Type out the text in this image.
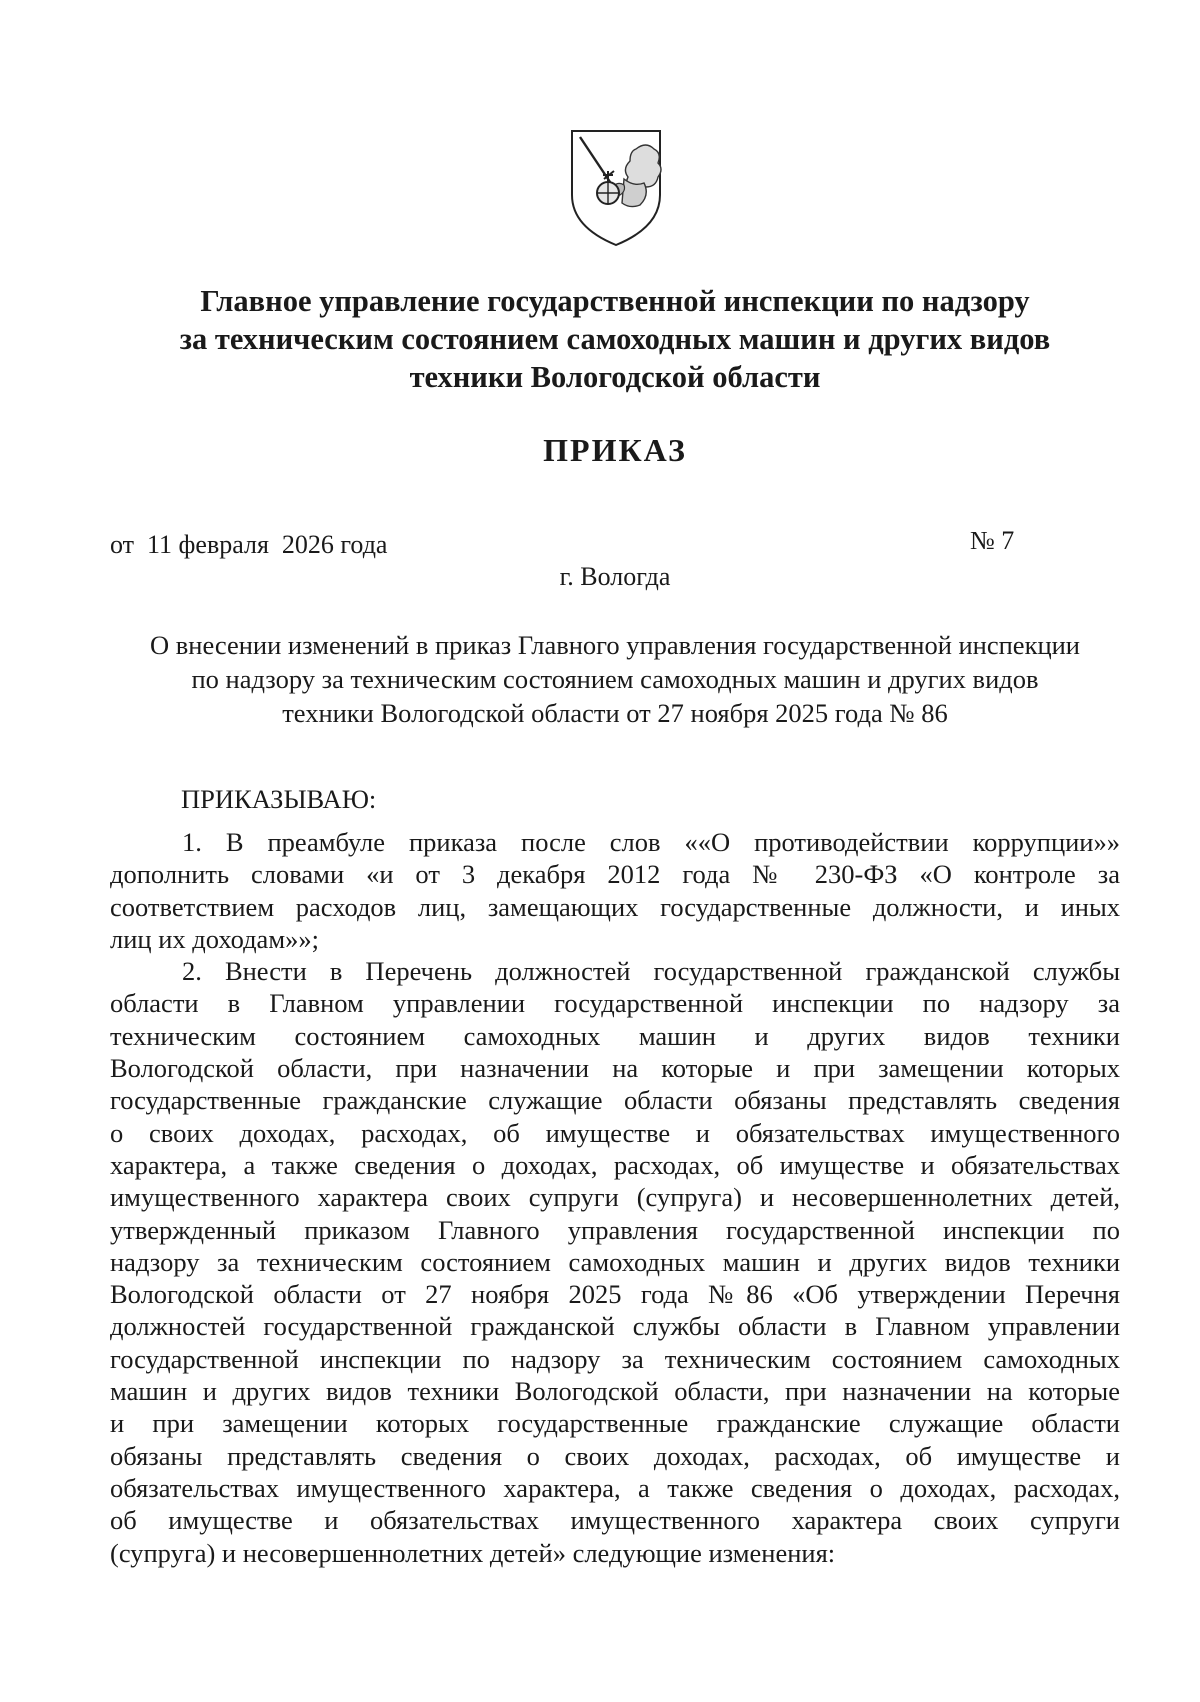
Главное управление государственной инспекции по надзору
за техническим состоянием самоходных машин и других видов
техники Вологодской области
ПРИКАЗ
от  11 февраля  2026 года	№ 7
г. Вологда
О внесении изменений в приказ Главного управления государственной инспекции
по надзору за техническим состоянием самоходных машин и других видов
техники Вологодской области от 27 ноября 2025 года № 86
ПРИКАЗЫВАЮ:
1. В преамбуле приказа после слов ««О противодействии коррупции»»
дополнить словами «и от 3 декабря 2012 года № 230-ФЗ «О контроле за
соответствием расходов лиц, замещающих государственные должности, и иных
лиц их доходам»»;
2. Внести в Перечень должностей государственной гражданской службы
области в Главном управлении государственной инспекции по надзору за
техническим состоянием самоходных машин и других видов техники
Вологодской области, при назначении на которые и при замещении которых
государственные гражданские служащие области обязаны представлять сведения
о своих доходах, расходах, об имуществе и обязательствах имущественного
характера, а также сведения о доходах, расходах, об имуществе и обязательствах
имущественного характера своих супруги (супруга) и несовершеннолетних детей,
утвержденный приказом Главного управления государственной инспекции по
надзору за техническим состоянием самоходных машин и других видов техники
Вологодской области от 27 ноября 2025 года №86 «Об утверждении Перечня
должностей государственной гражданской службы области в Главном управлении
государственной инспекции по надзору за техническим состоянием самоходных
машин и других видов техники Вологодской области, при назначении на которые
и при замещении которых государственные гражданские служащие области
обязаны представлять сведения о своих доходах, расходах, об имуществе и
обязательствах имущественного характера, а также сведения о доходах, расходах,
об имуществе и обязательствах имущественного характера своих супруги
(супруга) и несовершеннолетних детей» следующие изменения:
